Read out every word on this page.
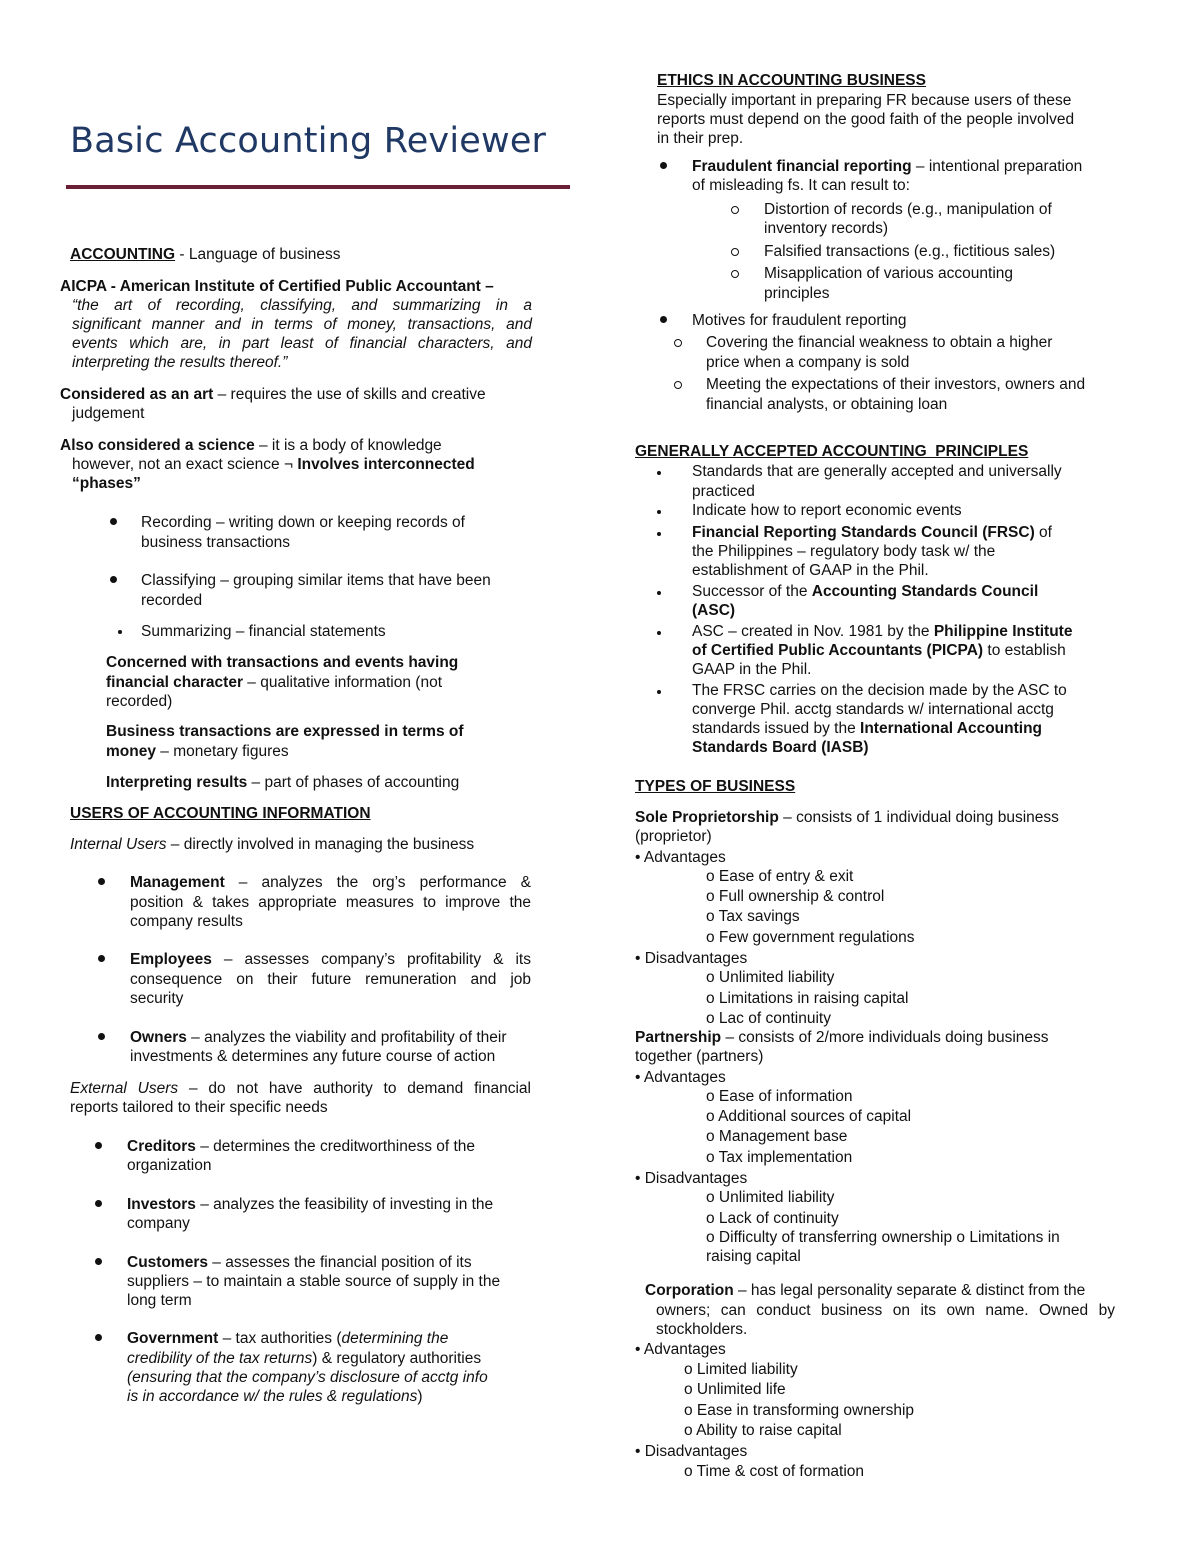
Basic Accounting Reviewer
ACCOUNTING - Language of business
AICPA - American Institute of Certified Public Accountant –
“the art of recording, classifying, and summarizing in a
significant manner and in terms of money, transactions, and
events which are, in part least of financial characters, and
interpreting the results thereof.”
Considered as an art – requires the use of skills and creative
judgement
Also considered a science – it is a body of knowledge
however, not an exact science ¬ Involves interconnected
“phases”
Recording – writing down or keeping records of
business transactions
Classifying – grouping similar items that have been
recorded
Summarizing – financial statements
Concerned with transactions and events having
financial character – qualitative information (not
recorded)
Business transactions are expressed in terms of
money – monetary figures
Interpreting results – part of phases of accounting
USERS OF ACCOUNTING INFORMATION
Internal Users – directly involved in managing the business
Management – analyzes the org’s performance &
position & takes appropriate measures to improve the
company results
Employees – assesses company’s profitability & its
consequence on their future remuneration and job
security
Owners – analyzes the viability and profitability of their
investments & determines any future course of action
External Users – do not have authority to demand financial
reports tailored to their specific needs
Creditors – determines the creditworthiness of the
organization
Investors – analyzes the feasibility of investing in the
company
Customers – assesses the financial position of its
suppliers – to maintain a stable source of supply in the
long term
Government – tax authorities (determining the
credibility of the tax returns) & regulatory authorities
(ensuring that the company’s disclosure of acctg info
is in accordance w/ the rules & regulations)
ETHICS IN ACCOUNTING BUSINESS
Especially important in preparing FR because users of these
reports must depend on the good faith of the people involved
in their prep.
Fraudulent financial reporting – intentional preparation
of misleading fs. It can result to:
Distortion of records (e.g., manipulation of
inventory records)
Falsified transactions (e.g., fictitious sales)
Misapplication of various accounting
principles
Motives for fraudulent reporting
Covering the financial weakness to obtain a higher
price when a company is sold
Meeting the expectations of their investors, owners and
financial analysts, or obtaining loan
GENERALLY ACCEPTED ACCOUNTING  PRINCIPLES
Standards that are generally accepted and universally
practiced
Indicate how to report economic events
Financial Reporting Standards Council (FRSC) of
the Philippines – regulatory body task w/ the
establishment of GAAP in the Phil.
Successor of the Accounting Standards Council
(ASC)
ASC – created in Nov. 1981 by the Philippine Institute
of Certified Public Accountants (PICPA) to establish
GAAP in the Phil.
The FRSC carries on the decision made by the ASC to
converge Phil. acctg standards w/ international acctg
standards issued by the International Accounting
Standards Board (IASB)
TYPES OF BUSINESS
Sole Proprietorship – consists of 1 individual doing business
(proprietor)
• Advantages
o Ease of entry & exit
o Full ownership & control
o Tax savings
o Few government regulations
• Disadvantages
o Unlimited liability
o Limitations in raising capital
o Lac of continuity
Partnership – consists of 2/more individuals doing business
together (partners)
• Advantages
o Ease of information
o Additional sources of capital
o Management base
o Tax implementation
• Disadvantages
o Unlimited liability
o Lack of continuity
o Difficulty of transferring ownership o Limitations in
raising capital
Corporation – has legal personality separate & distinct from the
owners; can conduct business on its own name. Owned by
stockholders.
• Advantages
o Limited liability
o Unlimited life
o Ease in transforming ownership
o Ability to raise capital
• Disadvantages
o Time & cost of formation
